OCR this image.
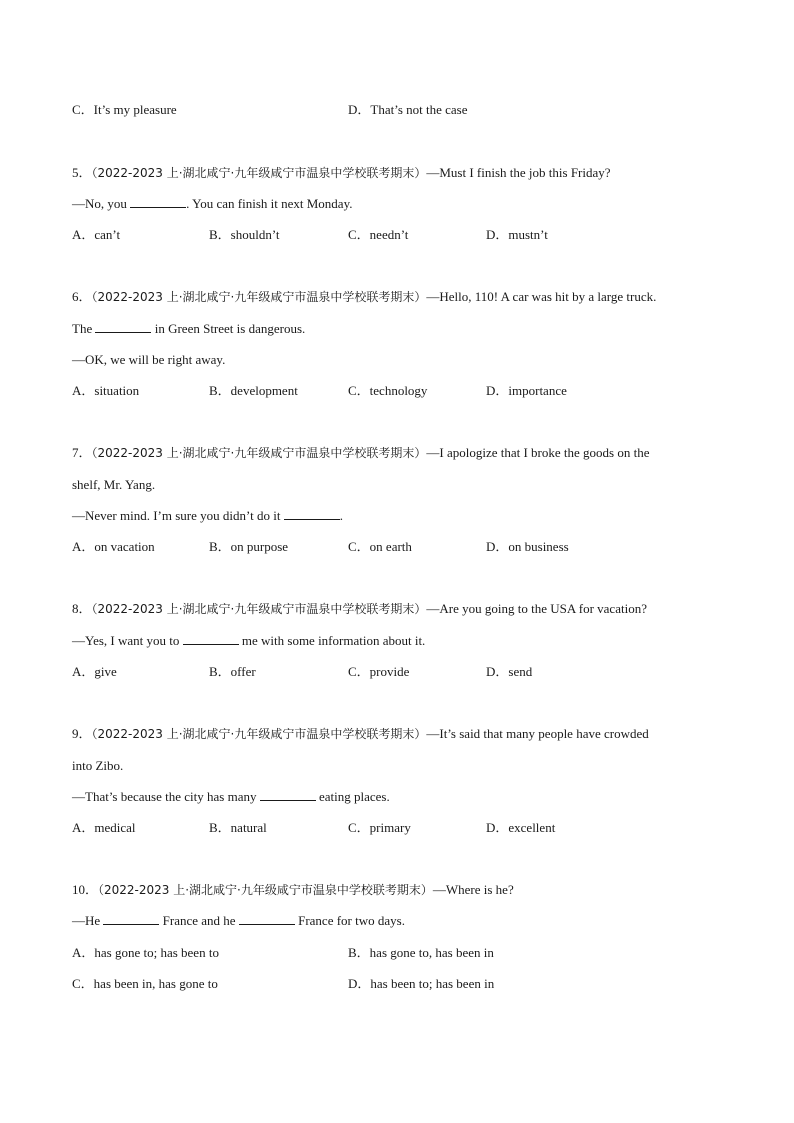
C．It’s my pleasure	D．That’s not the case
5．（2022-2023 上·湖北咸宁·九年级咸宁市温泉中学校联考期末）—Must I finish the job this Friday?
—No, you	. You can finish it next Monday.
A．can’t	B．shouldn’t	C．needn’t	D．mustn’t
6．（2022-2023 上·湖北咸宁·九年级咸宁市温泉中学校联考期末）—Hello, 110! A car was hit by a large truck.
The	in Green Street is dangerous.
—OK, we will be right away.
A．situation	B．development	C．technology	D．importance
7．（2022-2023 上·湖北咸宁·九年级咸宁市温泉中学校联考期末）—I apologize that I broke the goods on the
shelf, Mr. Yang.
—Never mind. I’m sure you didn’t do it	.
A．on vacation	B．on purpose	C．on earth	D．on business
8．（2022-2023 上·湖北咸宁·九年级咸宁市温泉中学校联考期末）—Are you going to the USA for vacation?
—Yes, I want you to	me with some information about it.
A．give	B．offer	C．provide	D．send
9．（2022-2023 上·湖北咸宁·九年级咸宁市温泉中学校联考期末）—It’s said that many people have crowded
into Zibo.
—That’s because the city has many	eating places.
A．medical	B．natural	C．primary	D．excellent
10．（2022-2023 上·湖北咸宁·九年级咸宁市温泉中学校联考期末）—Where is he?
—He	France and he	France for two days.
A．has gone to; has been to	B．has gone to, has been in
C．has been in, has gone to	D．has been to; has been in
